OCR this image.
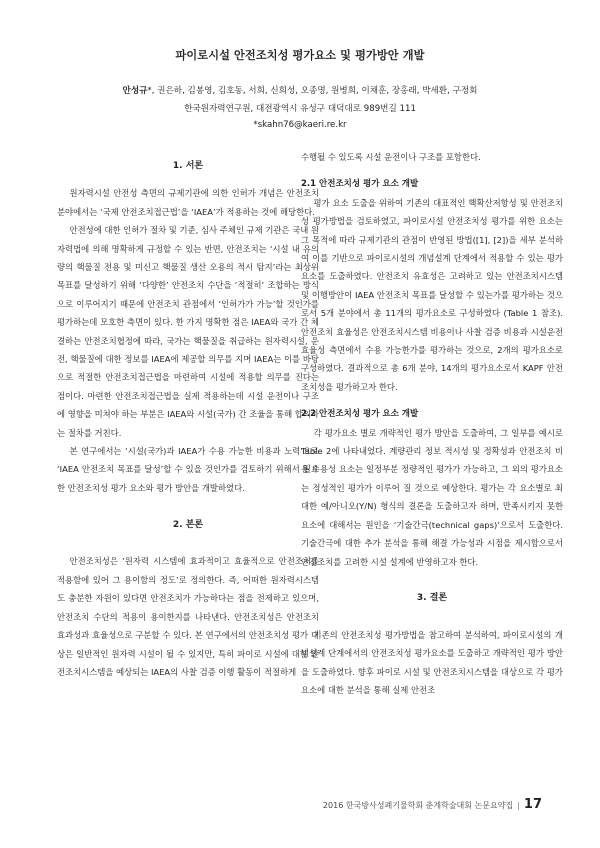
파이로시설 안전조치성 평가요소 및 평가방안 개발
안성규*, 권은하, 김봉영, 김호동, 서희, 신희성, 오종명, 원병희, 이채훈, 장홍래, 박세환, 구정회
한국원자력연구원, 대전광역시 유성구 대덕대로 989번길 111
*skahn76@kaeri.re.kr

1. 서론

원자력시설 안전성 측면의 규제기관에 의한 인허가 개념은 안전조치 분야에서는 ‘국제 안전조치접근법’을 ‘IAEA’가 적용하는 것에 해당한다.

안전성에 대한 인허가 절차 및 기준, 심사 주체인 규제 기관은 국내 원자력법에 의해 명확하게 규정할 수 있는 반면, 안전조치는 ‘시설 내 유의량의 핵물질 전용 및 미신고 핵물질 생산 오용의 적시 탐지’라는 최상위 목표를 달성하기 위해 ‘다양한’ 안전조치 수단을 ‘적절히’ 조합하는 방식으로 이루어지기 때문에 안전조치 관점에서 ‘인허가가 가능’할 것인가를 평가하는데 모호한 측면이 있다. 한 가지 명확한 점은 IAEA와 국가 간 체결하는 안전조치협정에 따라, 국가는 핵물질을 취급하는 원자력시설, 운전, 핵물질에 대한 정보를 IAEA에 제공할 의무를 지며 IAEA는 이를 바탕으로 적절한 안전조치접근법을 마련하여 시설에 적용할 의무를 진다는 점이다. 마련한 안전조치접근법을 실제 적용하는데 시설 운전이나 구조에 영향을 미쳐야 하는 부분은 IAEA와 시설(국가) 간 조율을 통해 합의하는 절차를 거친다.

본 연구에서는 ‘시설(국가)과 IAEA가 수용 가능한 비용과 노력’으로 ‘IAEA 안전조치 목표를 달성’할 수 있을 것인가를 검토하기 위해서 필요한 안전조치성 평가 요소와 평가 방안을 개발하였다.

2. 본론

안전조치성은 ‘원자력 시스템에 효과적이고 효율적으로 안전조치를 적용함에 있어 그 용이함의 정도’로 정의한다. 즉, 어떠한 원자력시스템도 충분한 자원이 있다면 안전조치가 가능하다는 점을 전제하고 있으며, 안전조치 수단의 적용이 용이한지를 나타낸다. 안전조치성은 안전조치 효과성과 효율성으로 구분할 수 있다. 본 연구에서의 안전조치성 평가 대상은 일반적인 원자력 시설이 될 수 있지만, 특히 파이로 시설에 대한 안전조치시스템을 예상되는 IAEA의 사찰 검증 이행 활동이 적절하게

수행될 수 있도록 시설 운전이나 구조를 포함한다.

2.1 안전조치성 평가 요소 개발

평가 요소 도출을 위하여 기존의 대표적인 핵확산저항성 및 안전조치성 평가방법을 검토하였고, 파이로시설 안전조치성 평가를 위한 요소는 그 목적에 따라 규제기관의 관점이 반영된 방법([1], [2])을 세부 분석하여 이를 기반으로 파이로시설의 개념설계 단계에서 적용할 수 있는 평가요소를 도출하였다. 안전조치 유효성은 고려하고 있는 안전조치시스템 및 이행방안이 IAEA 안전조치 목표를 달성할 수 있는가를 평가하는 것으로서 5개 분야에서 총 11개의 평가요소로 구성하였다 (Table 1 참조). 안전조치 효율성은 안전조치시스템 비용이나 사찰 검증 비용과 시설운전 효율성 측면에서 수용 가능한가를 평가하는 것으로, 2개의 평가요소로 구성하였다. 결과적으로 총 6개 분야, 14개의 평가요소로서 KAPF 안전조치성을 평가하고자 한다.

2.2 안전조치성 평가 요소 개발

각 평가요소 별로 개략적인 평가 방안을 도출하여, 그 일부를 예시로 Table 2에 나타내었다. 계량관리 정보 적시성 및 정확성과 안전조치 비용 수용성 요소는 일정부분 정량적인 평가가 가능하고, 그 외의 평가요소는 정성적인 평가가 이루어 질 것으로 예상한다. 평가는 각 요소별로 최대한 예/아니오(Y/N) 형식의 결론을 도출하고자 하며, 만족시키지 못한 요소에 대해서는 원인을 ‘기술간극(technical gaps)’으로서 도출한다. 기술간극에 대한 추가 분석을 통해 해결 가능성과 시점을 제시함으로서 안전조치를 고려한 시설 설계에 반영하고자 한다.

3. 결론

기존의 안전조치성 평가방법을 참고하여 분석하여, 파이로시설의 개념설계 단계에서의 안전조치성 평가요소를 도출하고 개략적인 평가 방안을 도출하였다. 향후 파이로 시설 및 안전조치시스템을 대상으로 각 평가요소에 대한 분석을 통해 실제 안전조

2016 한국방사성폐기물학회 춘계학술대회 논문요약집 | 17
